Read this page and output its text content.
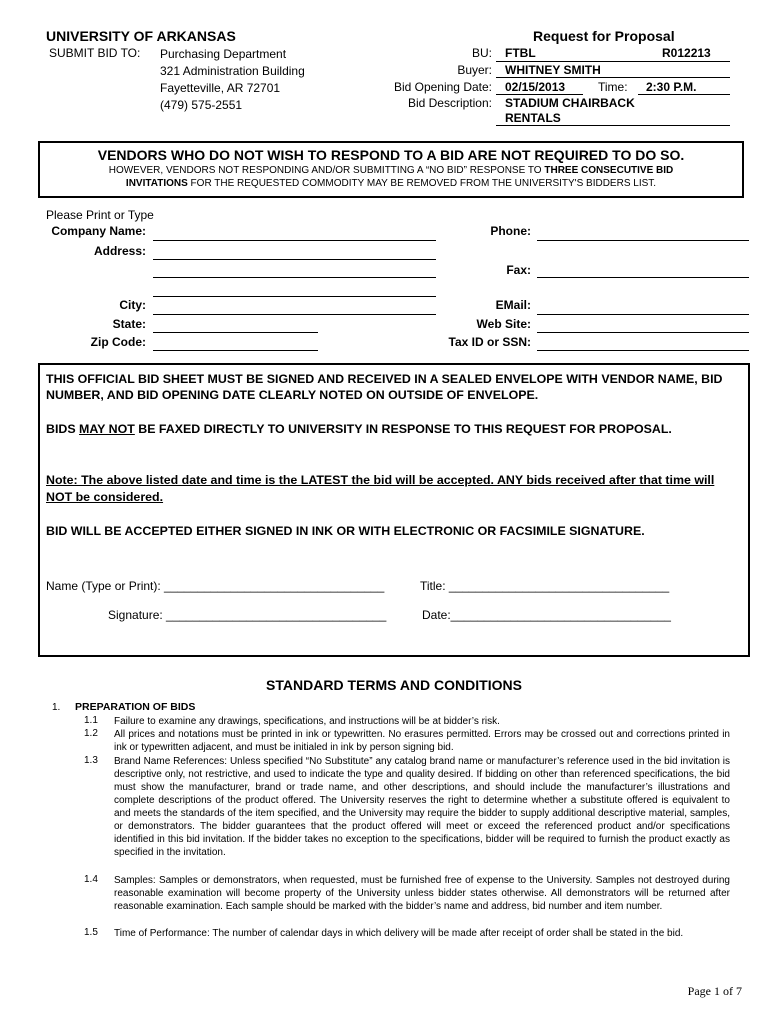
UNIVERSITY OF ARKANSAS
SUBMIT BID TO: Purchasing Department
321 Administration Building
Fayetteville, AR 72701
(479) 575-2551
Request for Proposal
BU: FTBL	R012213
Buyer: WHITNEY SMITH
Bid Opening Date: 02/15/2013	Time: 2:30 P.M.
Bid Description: STADIUM CHAIRBACK
RENTALS
VENDORS WHO DO NOT WISH TO RESPOND TO A BID ARE NOT REQUIRED TO DO SO.
HOWEVER, VENDORS NOT RESPONDING AND/OR SUBMITTING A “NO BID” RESPONSE TO THREE CONSECUTIVE BID
INVITATIONS FOR THE REQUESTED COMMODITY MAY BE REMOVED FROM THE UNIVERSITY'S BIDDERS LIST.
Please Print or Type
Company Name:
Address:
City:
State:
Zip Code:
Phone:
Fax:
EMail:
Web Site:
Tax ID or SSN:
THIS OFFICIAL BID SHEET MUST BE SIGNED AND RECEIVED IN A SEALED ENVELOPE WITH VENDOR NAME, BID NUMBER, AND BID OPENING DATE CLEARLY NOTED ON OUTSIDE OF ENVELOPE.
BIDS MAY NOT BE FAXED DIRECTLY TO UNIVERSITY IN RESPONSE TO THIS REQUEST FOR PROPOSAL.
Note: The above listed date and time is the LATEST the bid will be accepted. ANY bids received after that time will NOT be considered.
BID WILL BE ACCEPTED EITHER SIGNED IN INK OR WITH ELECTRONIC OR FACSIMILE SIGNATURE.
Name (Type or Print): _________________________________	Title: _________________________________
Signature: _________________________________	Date:_________________________________
STANDARD TERMS AND CONDITIONS
1. PREPARATION OF BIDS
1.1 Failure to examine any drawings, specifications, and instructions will be at bidder’s risk.
1.2 All prices and notations must be printed in ink or typewritten. No erasures permitted. Errors may be crossed out and corrections printed in ink or typewritten adjacent, and must be initialed in ink by person signing bid.
1.3 Brand Name References: Unless specified “No Substitute” any catalog brand name or manufacturer’s reference used in the bid invitation is descriptive only, not restrictive, and used to indicate the type and quality desired. If bidding on other than referenced specifications, the bid must show the manufacturer, brand or trade name, and other descriptions, and should include the manufacturer’s illustrations and complete descriptions of the product offered. The University reserves the right to determine whether a substitute offered is equivalent to and meets the standards of the item specified, and the University may require the bidder to supply additional descriptive material, samples, or demonstrators. The bidder guarantees that the product offered will meet or exceed the referenced product and/or specifications identified in this bid invitation. If the bidder takes no exception to the specifications, bidder will be required to furnish the product exactly as specified in the invitation.
1.4 Samples: Samples or demonstrators, when requested, must be furnished free of expense to the University. Samples not destroyed during reasonable examination will become property of the University unless bidder states otherwise. All demonstrators will be returned after reasonable examination. Each sample should be marked with the bidder’s name and address, bid number and item number.
1.5 Time of Performance: The number of calendar days in which delivery will be made after receipt of order shall be stated in the bid.
Page 1 of 7
